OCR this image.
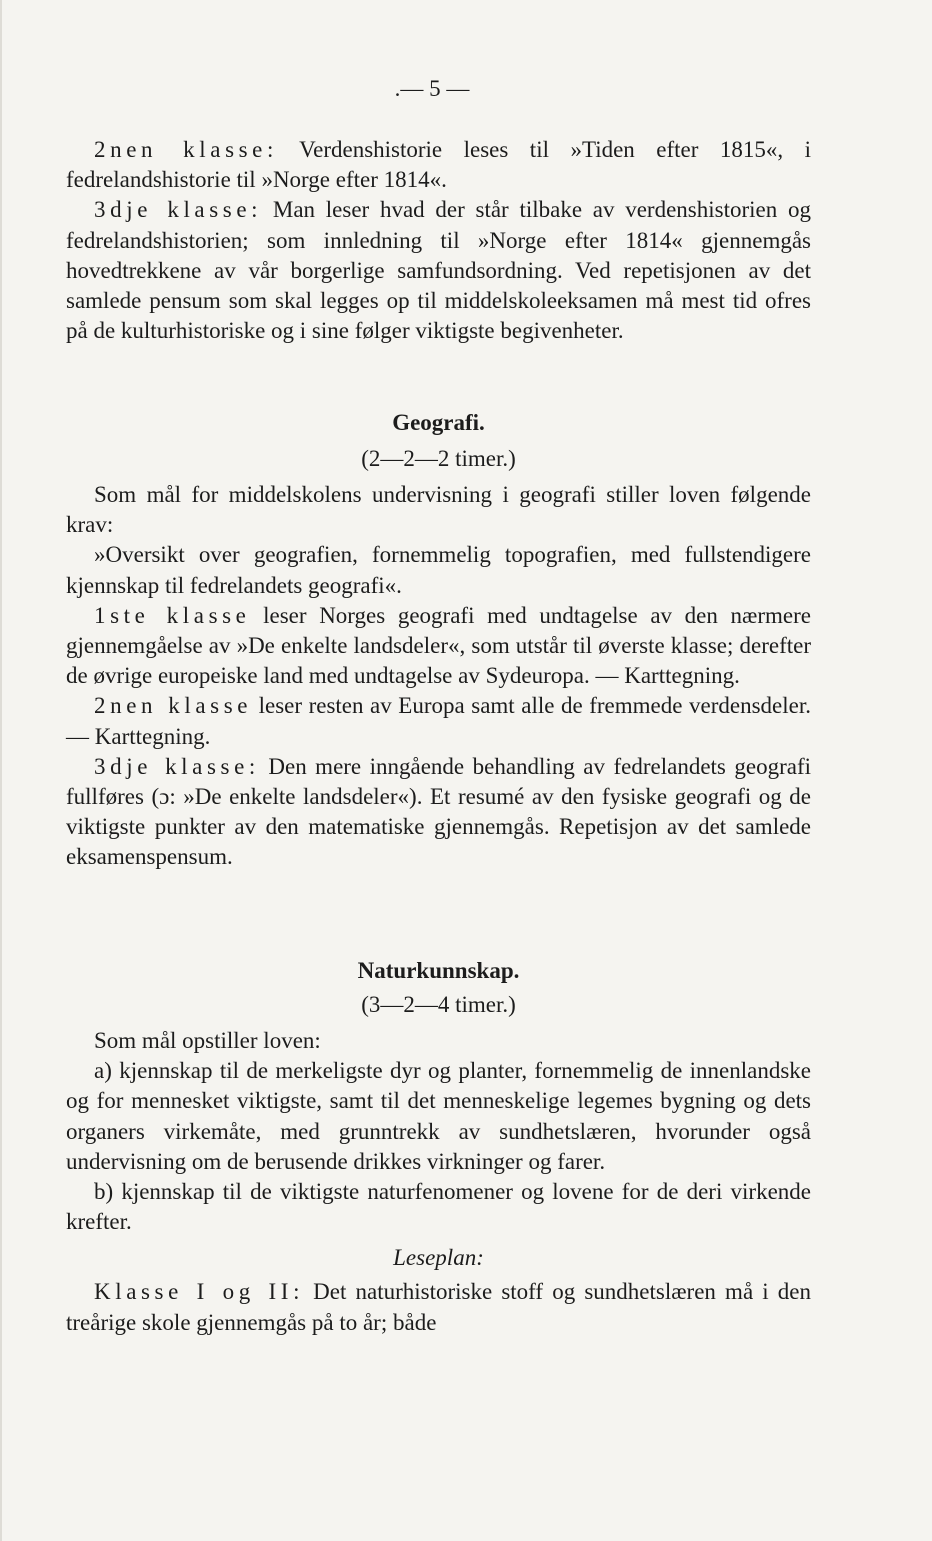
.— 5 —

2nen klasse: Verdenshistorie leses til »Tiden efter 1815«, i fedrelandshistorie til »Norge efter 1814«.

3dje klasse: Man leser hvad der står tilbake av verdenshistorien og fedrelandshistorien; som innledning til »Norge efter 1814« gjennemgås hovedtrekkene av vår borgerlige samfundsordning. Ved repetisjonen av det samlede pensum som skal legges op til middelskoleeksamen må mest tid ofres på de kulturhistoriske og i sine følger viktigste begivenheter.

Geografi.
(2—2—2 timer.)

Som mål for middelskolens undervisning i geografi stiller loven følgende krav:

»Oversikt over geografien, fornemmelig topografien, med fullstendigere kjennskap til fedrelandets geografi«.

1ste klasse leser Norges geografi med undtagelse av den nærmere gjennemgåelse av »De enkelte landsdeler«, som utstår til øverste klasse; derefter de øvrige europeiske land med undtagelse av Sydeuropa. — Karttegning.

2nen klasse leser resten av Europa samt alle de fremmede verdensdeler. — Karttegning.

3dje klasse: Den mere inngående behandling av fedrelandets geografi fullføres (ɔ: »De enkelte landsdeler«). Et resumé av den fysiske geografi og de viktigste punkter av den matematiske gjennemgås. Repetisjon av det samlede eksamenspensum.

Naturkunnskap.
(3—2—4 timer.)

Som mål opstiller loven:

a) kjennskap til de merkeligste dyr og planter, fornemmelig de innenlandske og for mennesket viktigste, samt til det menneskelige legemes bygning og dets organers virkemåte, med grunntrekk av sundhetslæren, hvorunder også undervisning om de berusende drikkes virkninger og farer.

b) kjennskap til de viktigste naturfenomener og lovene for de deri virkende krefter.

Leseplan:

Klasse I og II: Det naturhistoriske stoff og sundhetslæren må i den treårige skole gjennemgås på to år; både
